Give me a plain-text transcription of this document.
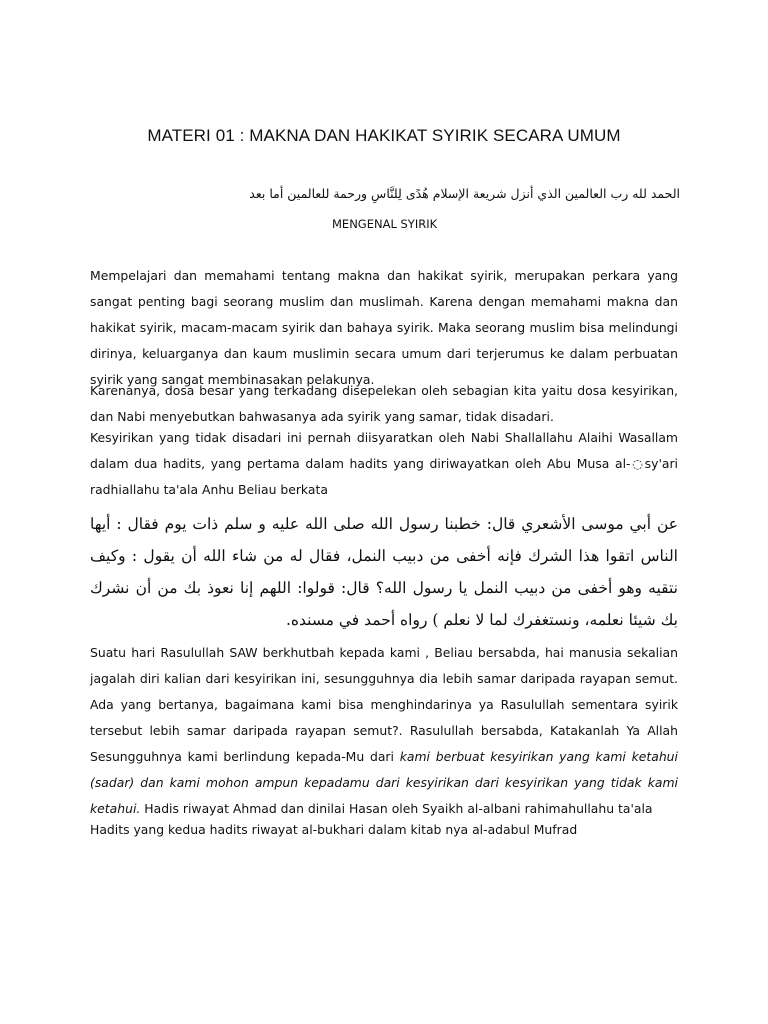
MATERI 01 : MAKNA DAN HAKIKAT SYIRIK SECARA UMUM
الحمد لله رب العالمين الذي أنزل شريعة الإسلام هُدًى لِلنَّاسِ ورحمة للعالمين أما بعد
MENGENAL SYIRIK

Mempelajari dan memahami tentang makna dan hakikat syirik, merupakan perkara yang sangat penting bagi seorang muslim dan muslimah. Karena dengan memahami makna dan hakikat syirik, macam-macam syirik dan bahaya syirik. Maka seorang muslim bisa melindungi dirinya, keluarganya dan kaum muslimin secara umum dari terjerumus ke dalam perbuatan syirik yang sangat membinasakan pelakunya.

Karenanya, dosa besar yang terkadang disepelekan oleh sebagian kita yaitu dosa kesyirikan, dan Nabi menyebutkan bahwasanya ada syirik yang samar, tidak disadari.

Kesyirikan yang tidak disadari ini pernah diisyaratkan oleh Nabi Shallallahu Alaihi Wasallam dalam dua hadits, yang pertama dalam hadits yang diriwayatkan oleh Abu Musa al-◌sy'ari radhiallahu ta'ala Anhu Beliau berkata

عن أبي موسى الأشعري قال: خطبنا رسول الله صلى الله عليه و سلم ذات يوم فقال : أيها الناس اتقوا هذا الشرك فإنه أخفى من دبيب النمل، فقال له من شاء الله أن يقول : وكيف نتقيه وهو أخفى من دبيب النمل يا رسول الله؟ قال: قولوا: اللهم إنا نعوذ بك من أن نشرك بك شيئا نعلمه، ونستغفرك لما لا نعلم ) رواه أحمد في مسنده.

Suatu hari Rasulullah SAW berkhutbah kepada kami , Beliau bersabda, hai manusia sekalian jagalah diri kalian dari kesyirikan ini, sesungguhnya dia lebih samar daripada rayapan semut. Ada yang bertanya, bagaimana kami bisa menghindarinya ya Rasulullah sementara syirik tersebut lebih samar daripada rayapan semut?. Rasulullah bersabda, Katakanlah Ya Allah Sesungguhnya kami berlindung kepada-Mu dari kami berbuat kesyirikan yang kami ketahui (sadar) dan kami mohon ampun kepadamu dari kesyirikan dari kesyirikan yang tidak kami ketahui. Hadis riwayat Ahmad dan dinilai Hasan oleh Syaikh al-albani rahimahullahu ta'ala

Hadits yang kedua hadits riwayat al-bukhari dalam kitab nya al-adabul Mufrad
